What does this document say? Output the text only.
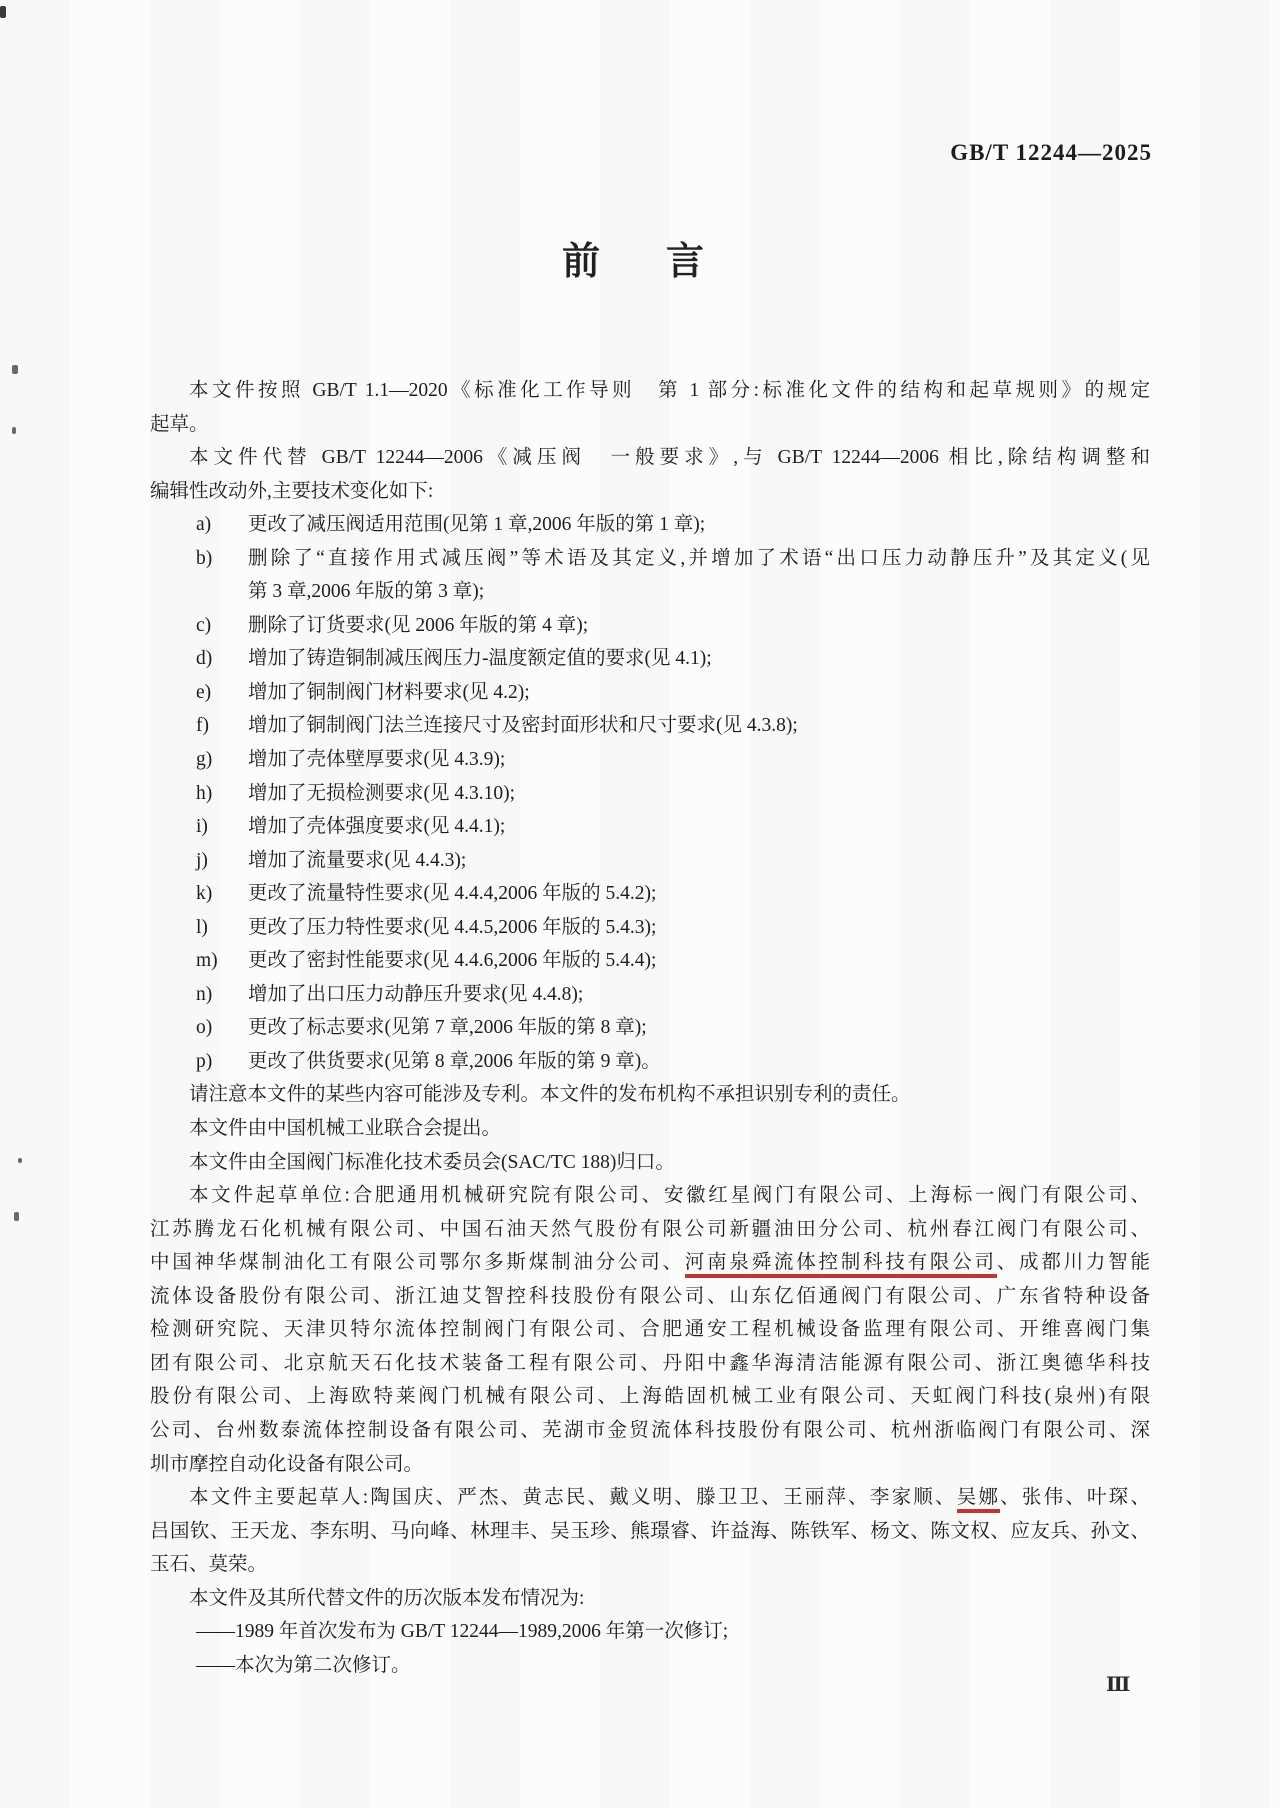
GB/T 12244—2025
前　言
本文件按照 GB/T 1.1—2020《标准化工作导则　第 1 部分:标准化文件的结构和起草规则》的规定
起草。
本文件代替 GB/T 12244—2006《减压阀　一般要求》,与 GB/T 12244—2006 相比,除结构调整和
编辑性改动外,主要技术变化如下:
a)	更改了减压阀适用范围(见第 1 章,2006 年版的第 1 章);
b)	删除了“直接作用式减压阀”等术语及其定义,并增加了术语“出口压力动静压升”及其定义(见
第 3 章,2006 年版的第 3 章);
c)	删除了订货要求(见 2006 年版的第 4 章);
d)	增加了铸造铜制减压阀压力-温度额定值的要求(见 4.1);
e)	增加了铜制阀门材料要求(见 4.2);
f)	增加了铜制阀门法兰连接尺寸及密封面形状和尺寸要求(见 4.3.8);
g)	增加了壳体壁厚要求(见 4.3.9);
h)	增加了无损检测要求(见 4.3.10);
i)	增加了壳体强度要求(见 4.4.1);
j)	增加了流量要求(见 4.4.3);
k)	更改了流量特性要求(见 4.4.4,2006 年版的 5.4.2);
l)	更改了压力特性要求(见 4.4.5,2006 年版的 5.4.3);
m)	更改了密封性能要求(见 4.4.6,2006 年版的 5.4.4);
n)	增加了出口压力动静压升要求(见 4.4.8);
o)	更改了标志要求(见第 7 章,2006 年版的第 8 章);
p)	更改了供货要求(见第 8 章,2006 年版的第 9 章)。
请注意本文件的某些内容可能涉及专利。本文件的发布机构不承担识别专利的责任。
本文件由中国机械工业联合会提出。
本文件由全国阀门标准化技术委员会(SAC/TC 188)归口。
本文件起草单位:合肥通用机械研究院有限公司、安徽红星阀门有限公司、上海标一阀门有限公司、
江苏腾龙石化机械有限公司、中国石油天然气股份有限公司新疆油田分公司、杭州春江阀门有限公司、
中国神华煤制油化工有限公司鄂尔多斯煤制油分公司、河南泉舜流体控制科技有限公司、成都川力智能
流体设备股份有限公司、浙江迪艾智控科技股份有限公司、山东亿佰通阀门有限公司、广东省特种设备
检测研究院、天津贝特尔流体控制阀门有限公司、合肥通安工程机械设备监理有限公司、开维喜阀门集
团有限公司、北京航天石化技术装备工程有限公司、丹阳中鑫华海清洁能源有限公司、浙江奥德华科技
股份有限公司、上海欧特莱阀门机械有限公司、上海皓固机械工业有限公司、天虹阀门科技(泉州)有限
公司、台州数泰流体控制设备有限公司、芜湖市金贸流体科技股份有限公司、杭州浙临阀门有限公司、深
圳市摩控自动化设备有限公司。
本文件主要起草人:陶国庆、严杰、黄志民、戴义明、滕卫卫、王丽萍、李家顺、吴娜、张伟、叶琛、
吕国钦、王天龙、李东明、马向峰、林理丰、吴玉珍、熊璟睿、许益海、陈铁军、杨文、陈文权、应友兵、孙文、
玉石、莫荣。
本文件及其所代替文件的历次版本发布情况为:
——1989 年首次发布为 GB/T 12244—1989,2006 年第一次修订;
——本次为第二次修订。
Ⅲ
